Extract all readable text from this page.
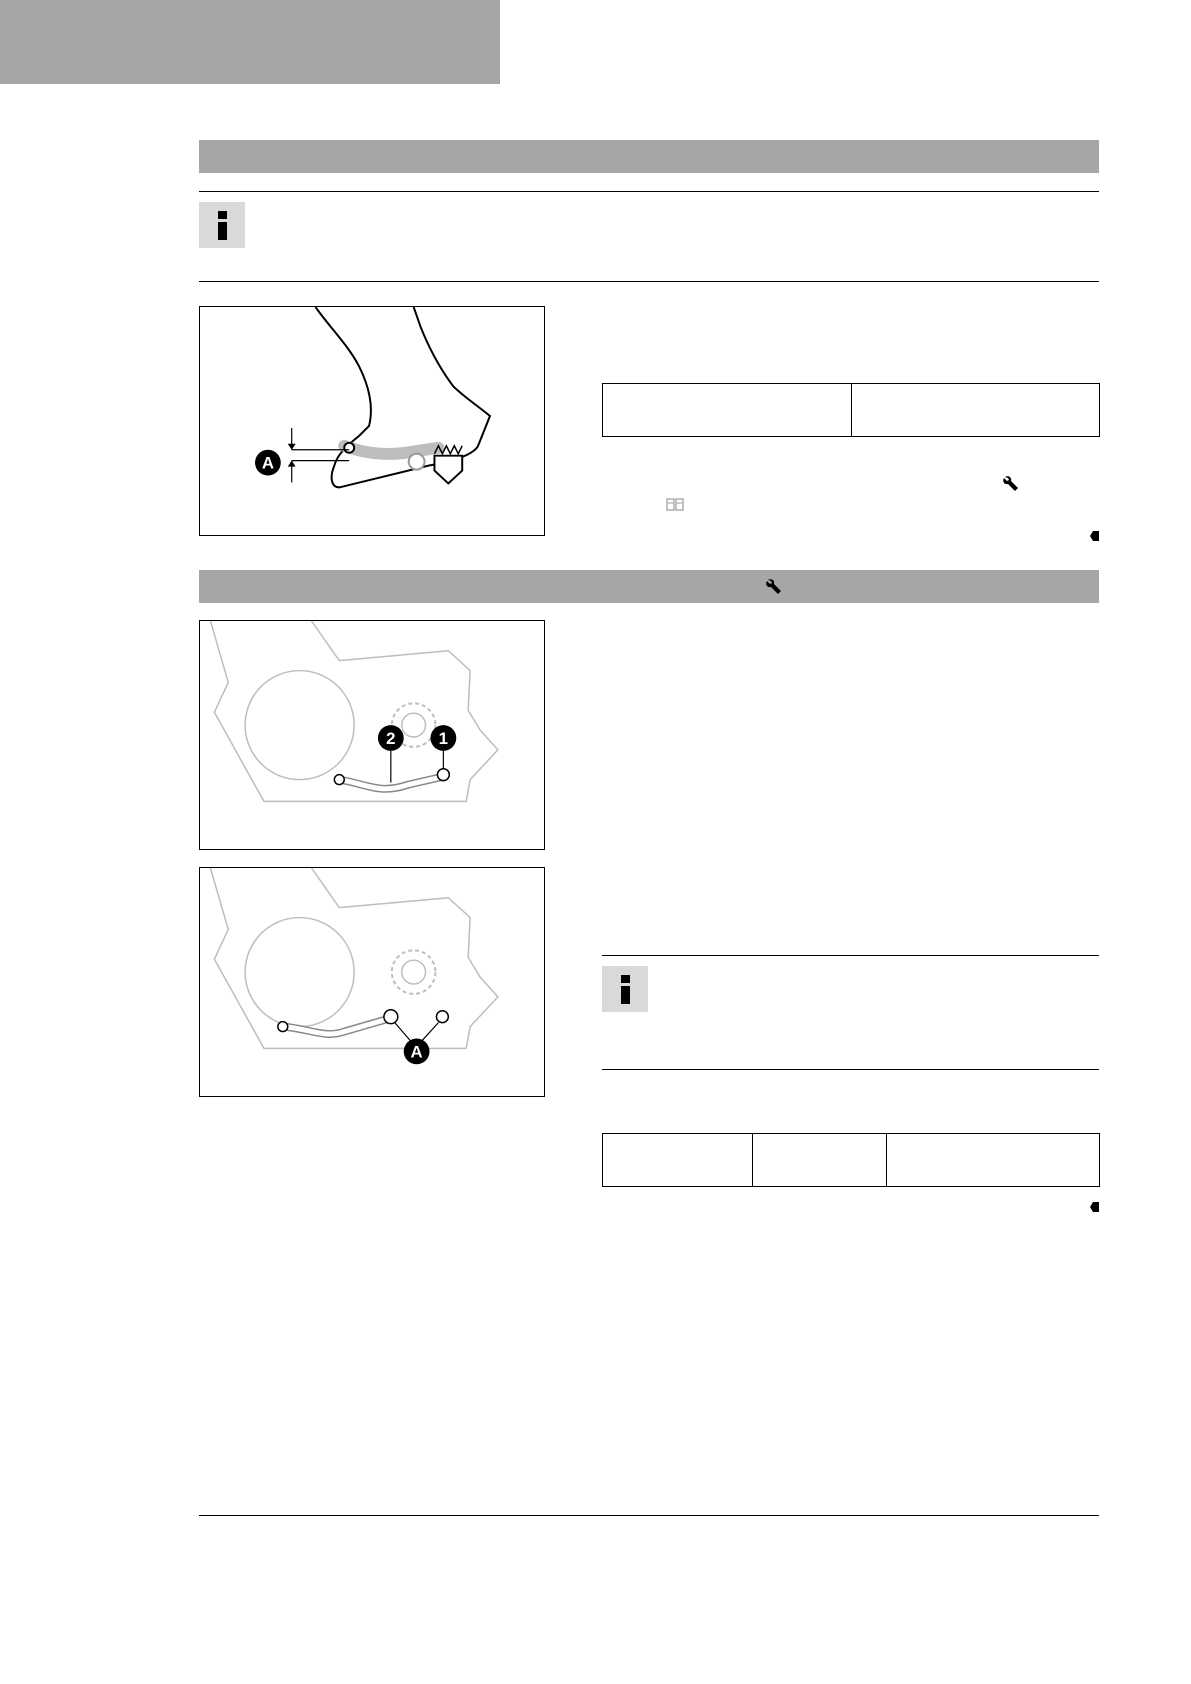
A

2	1
A
